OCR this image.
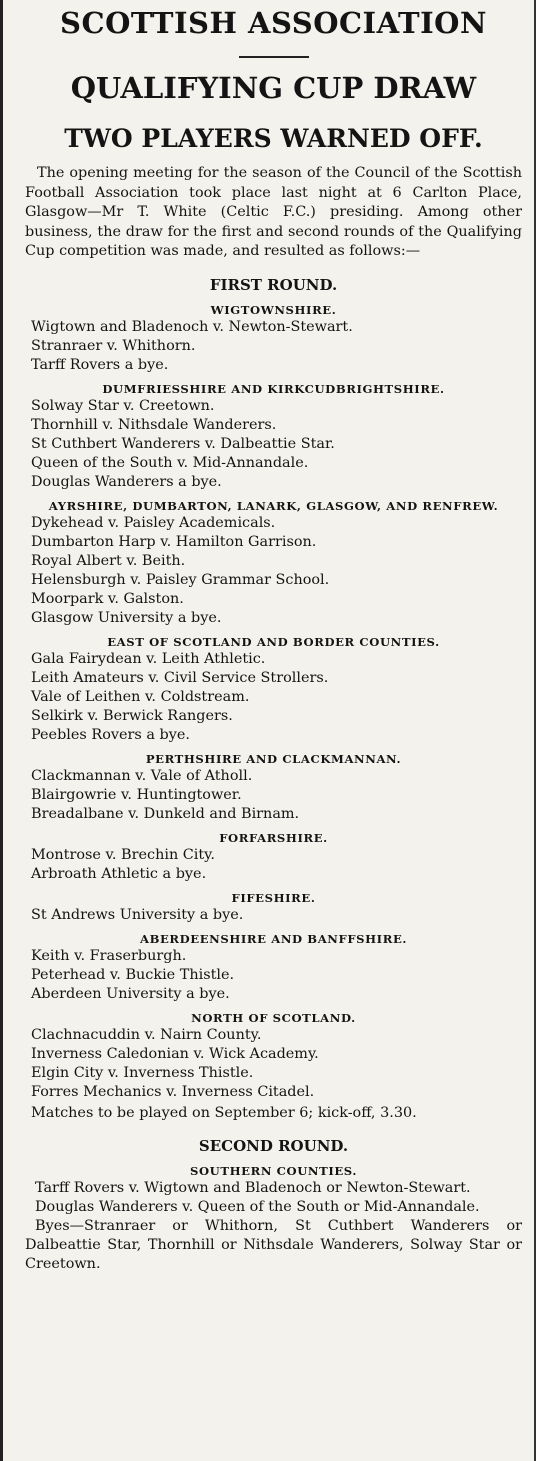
SCOTTISH ASSOCIATION
QUALIFYING CUP DRAW
TWO PLAYERS WARNED OFF.
The opening meeting for the season of the Council of the Scottish Football Association took place last night at 6 Carlton Place, Glasgow—Mr T. White (Celtic F.C.) presiding. Among other business, the draw for the first and second rounds of the Qualifying Cup competition was made, and resulted as follows:—
FIRST ROUND.
WIGTOWNSHIRE.
Wigtown and Bladenoch v. Newton-Stewart.
Stranraer v. Whithorn.
Tarff Rovers a bye.
DUMFRIESSHIRE AND KIRKCUDBRIGHTSHIRE.
Solway Star v. Creetown.
Thornhill v. Nithsdale Wanderers.
St Cuthbert Wanderers v. Dalbeattie Star.
Queen of the South v. Mid-Annandale.
Douglas Wanderers a bye.
AYRSHIRE, DUMBARTON, LANARK, GLASGOW, AND RENFREW.
Dykehead v. Paisley Academicals.
Dumbarton Harp v. Hamilton Garrison.
Royal Albert v. Beith.
Helensburgh v. Paisley Grammar School.
Moorpark v. Galston.
Glasgow University a bye.
EAST OF SCOTLAND AND BORDER COUNTIES.
Gala Fairydean v. Leith Athletic.
Leith Amateurs v. Civil Service Strollers.
Vale of Leithen v. Coldstream.
Selkirk v. Berwick Rangers.
Peebles Rovers a bye.
PERTHSHIRE AND CLACKMANNAN.
Clackmannan v. Vale of Atholl.
Blairgowrie v. Huntingtower.
Breadalbane v. Dunkeld and Birnam.
FORFARSHIRE.
Montrose v. Brechin City.
Arbroath Athletic a bye.
FIFESHIRE.
St Andrews University a bye.
ABERDEENSHIRE AND BANFFSHIRE.
Keith v. Fraserburgh.
Peterhead v. Buckie Thistle.
Aberdeen University a bye.
NORTH OF SCOTLAND.
Clachnacuddin v. Nairn County.
Inverness Caledonian v. Wick Academy.
Elgin City v. Inverness Thistle.
Forres Mechanics v. Inverness Citadel.
Matches to be played on September 6; kick-off, 3.30.
SECOND ROUND.
SOUTHERN COUNTIES.
Tarff Rovers v. Wigtown and Bladenoch or Newton-Stewart.
Douglas Wanderers v. Queen of the South or Mid-Annandale.
Byes—Stranraer or Whithorn, St Cuthbert Wanderers or Dalbeattie Star, Thornhill or Nithsdale Wanderers, Solway Star or Creetown.
